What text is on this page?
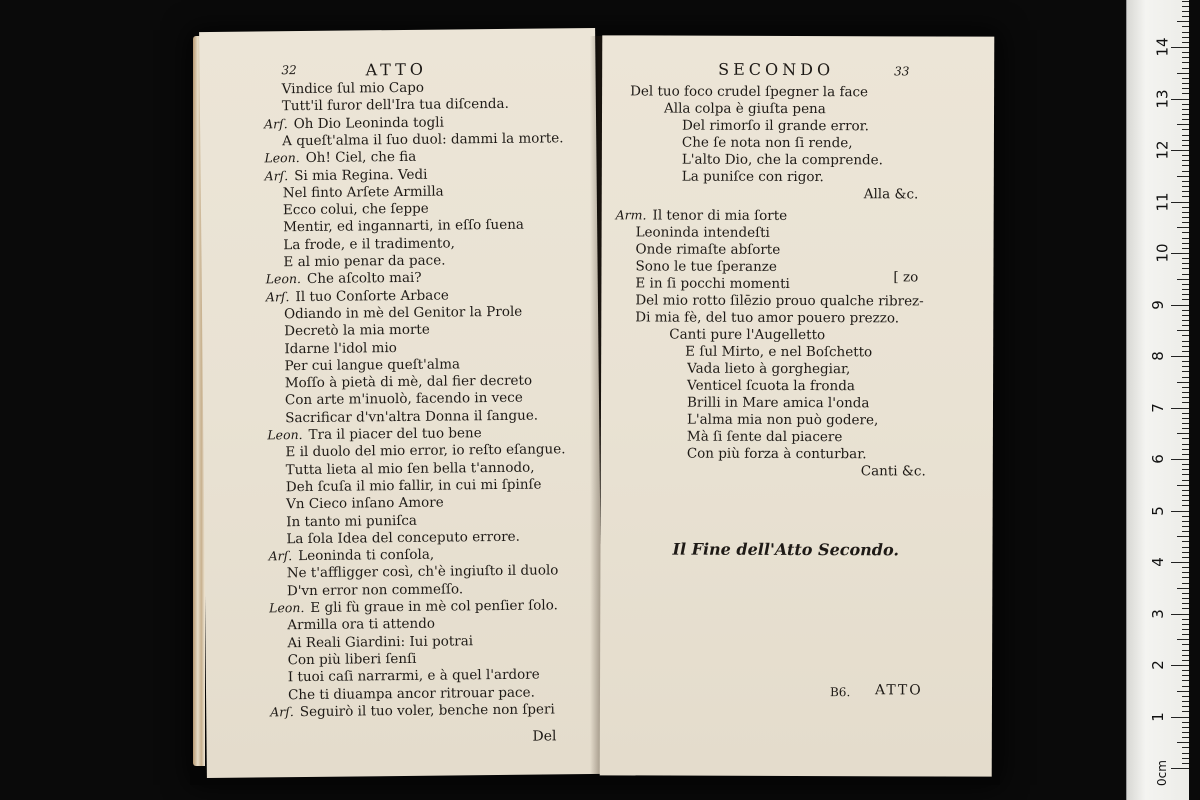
32	ATTO
Del
Vindice ſul mio Capo
Tutt'il furor dell'Ira tua diſcenda.
Arſ. Oh Dio Leoninda togli
A queſt'alma il ſuo duol: dammi la morte.
Leon. Oh! Ciel, che fia
Arſ. Si mia Regina. Vedi
Nel finto Arſete Armilla
Ecco colui, che ſeppe
Mentir, ed ingannarti, in eſſo ſuena
La frode, e il tradimento,
E al mio penar da pace.
Leon. Che aſcolto mai?
Arſ. Il tuo Conſorte Arbace
Odiando in mè del Genitor la Prole
Decretò la mia morte
Idarne l'idol mio
Per cui langue queſt'alma
Moſſo à pietà di mè, dal fier decreto
Con arte m'inuolò, facendo in vece
Sacrificar d'vn'altra Donna il ſangue.
Leon. Tra il piacer del tuo bene
E il duolo del mio error, io reſto eſangue.
Tutta lieta al mio ſen bella t'annodo,
Deh ſcuſa il mio fallir, in cui mi ſpinſe
Vn Cieco inſano Amore
In tanto mi puniſca
La ſola Idea del conceputo errore.
Arſ. Leoninda ti conſola,
Ne t'affligger così, ch'è ingiuſto il duolo
D'vn error non commeſſo.
Leon. E gli fù graue in mè col penſier ſolo.
Armilla ora ti attendo
Ai Reali Giardini: Iui potrai
Con più liberi ſenſi
I tuoi caſi narrarmi, e à quel l'ardore
Che ti diuampa ancor ritrouar pace.
Arſ. Seguirò il tuo voler, benche non ſperi
SECONDO	33
[ zo
Il Fine dell'Atto Secondo.
B6. ATTO
Del tuo foco crudel ſpegner la face
Alla colpa è giuſta pena
Del rimorſo il grande error.
Che ſe nota non ſi rende,
L'alto Dio, che la comprende.
La puniſce con rigor.
Alla &c.
Arm. Il tenor di mia ſorte
Leoninda intendeſti
Onde rimaſte abſorte
Sono le tue ſperanze
E in ſi pocchi momenti
Del mio rotto ſilēzio prouo qualche ribrez-
Di mia fè, del tuo amor pouero prezzo.
Canti pure l'Augelletto
E ſul Mirto, e nel Boſchetto
Vada lieto à gorghegiar,
Venticel ſcuota la fronda
Brilli in Mare amica l'onda
L'alma mia non può godere,
Mà ſi ſente dal piacere
Con più forza à conturbar.
Canti &c.
0cm
1
2
3
4
5
6
7
8
9
10
11
12
13
14
